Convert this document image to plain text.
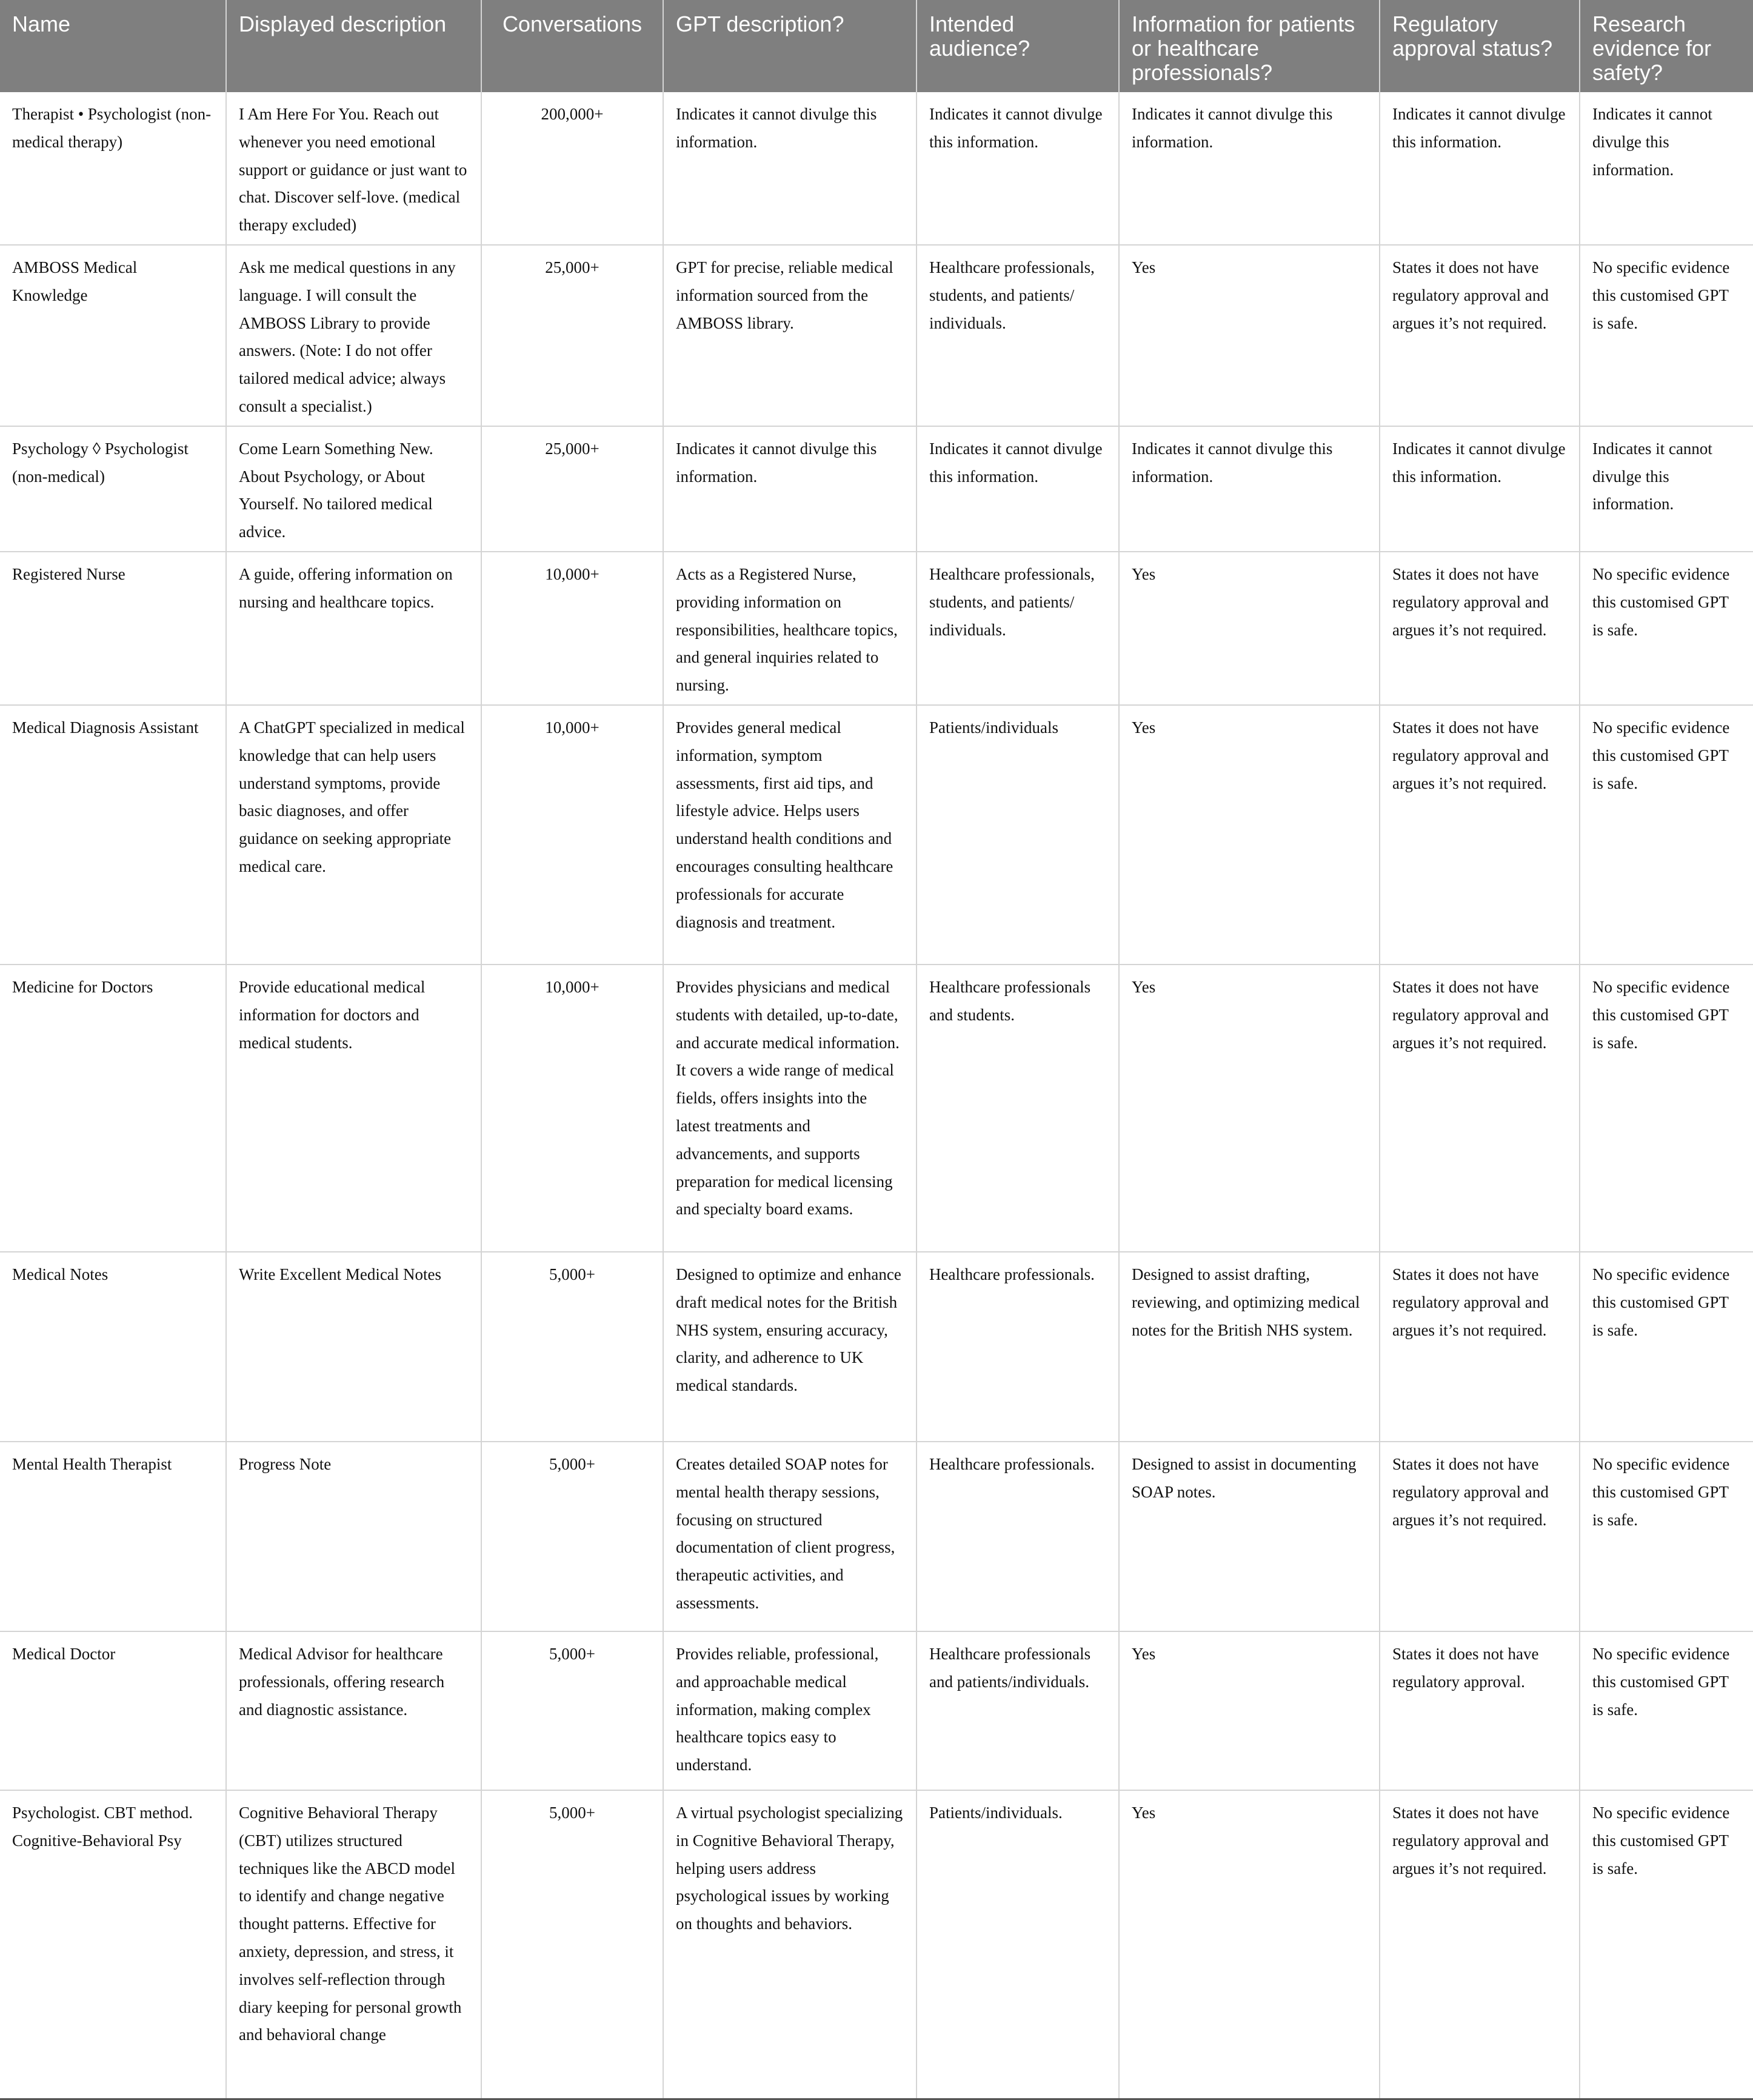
Name	Displayed description	Conversations	GPT description?	Intended audience?	Information for patients or healthcare professionals?	Regulatory approval status?	Research evidence for safety?
Therapist • Psychologist (non-medical therapy)	I Am Here For You. Reach out whenever you need emotional support or guidance or just want to chat. Discover self-love. (medical therapy excluded)	200,000+	Indicates it cannot divulge this information.	Indicates it cannot divulge this information.	Indicates it cannot divulge this information.	Indicates it cannot divulge this information.	Indicates it cannot divulge this information.
AMBOSS Medical Knowledge	Ask me medical questions in any language. I will consult the AMBOSS Library to provide answers. (Note: I do not offer tailored medical advice; always consult a specialist.)	25,000+	GPT for precise, reliable medical information sourced from the AMBOSS library.	Healthcare professionals, students, and patients/ individuals.	Yes	States it does not have regulatory approval and argues it’s not required.	No specific evidence this customised GPT is safe.
Psychology ◊ Psychologist (non-medical)	Come Learn Something New. About Psychology, or About Yourself. No tailored medical advice.	25,000+	Indicates it cannot divulge this information.	Indicates it cannot divulge this information.	Indicates it cannot divulge this information.	Indicates it cannot divulge this information.	Indicates it cannot divulge this information.
Registered Nurse	A guide, offering information on nursing and healthcare topics.	10,000+	Acts as a Registered Nurse, providing information on responsibilities, healthcare topics, and general inquiries related to nursing.	Healthcare professionals, students, and patients/ individuals.	Yes	States it does not have regulatory approval and argues it’s not required.	No specific evidence this customised GPT is safe.
Medical Diagnosis Assistant	A ChatGPT specialized in medical knowledge that can help users understand symptoms, provide basic diagnoses, and offer guidance on seeking appropriate medical care.	10,000+	Provides general medical information, symptom assessments, first aid tips, and lifestyle advice. Helps users understand health conditions and encourages consulting healthcare professionals for accurate diagnosis and treatment.	Patients/individuals	Yes	States it does not have regulatory approval and argues it’s not required.	No specific evidence this customised GPT is safe.
Medicine for Doctors	Provide educational medical information for doctors and medical students.	10,000+	Provides physicians and medical students with detailed, up-to-date, and accurate medical information. It covers a wide range of medical fields, offers insights into the latest treatments and advancements, and supports preparation for medical licensing and specialty board exams.	Healthcare professionals and students.	Yes	States it does not have regulatory approval and argues it’s not required.	No specific evidence this customised GPT is safe.
Medical Notes	Write Excellent Medical Notes	5,000+	Designed to optimize and enhance draft medical notes for the British NHS system, ensuring accuracy, clarity, and adherence to UK medical standards.	Healthcare professionals.	Designed to assist drafting, reviewing, and optimizing medical notes for the British NHS system.	States it does not have regulatory approval and argues it’s not required.	No specific evidence this customised GPT is safe.
Mental Health Therapist	Progress Note	5,000+	Creates detailed SOAP notes for mental health therapy sessions, focusing on structured documentation of client progress, therapeutic activities, and assessments.	Healthcare professionals.	Designed to assist in documenting SOAP notes.	States it does not have regulatory approval and argues it’s not required.	No specific evidence this customised GPT is safe.
Medical Doctor	Medical Advisor for healthcare professionals, offering research and diagnostic assistance.	5,000+	Provides reliable, professional, and approachable medical information, making complex healthcare topics easy to understand.	Healthcare professionals and patients/individuals.	Yes	States it does not have regulatory approval.	No specific evidence this customised GPT is safe.
Psychologist. CBT method. Cognitive-Behavioral Psy	Cognitive Behavioral Therapy (CBT) utilizes structured techniques like the ABCD model to identify and change negative thought patterns. Effective for anxiety, depression, and stress, it involves self-reflection through diary keeping for personal growth and behavioral change	5,000+	A virtual psychologist specializing in Cognitive Behavioral Therapy, helping users address psychological issues by working on thoughts and behaviors.	Patients/individuals.	Yes	States it does not have regulatory approval and argues it’s not required.	No specific evidence this customised GPT is safe.
